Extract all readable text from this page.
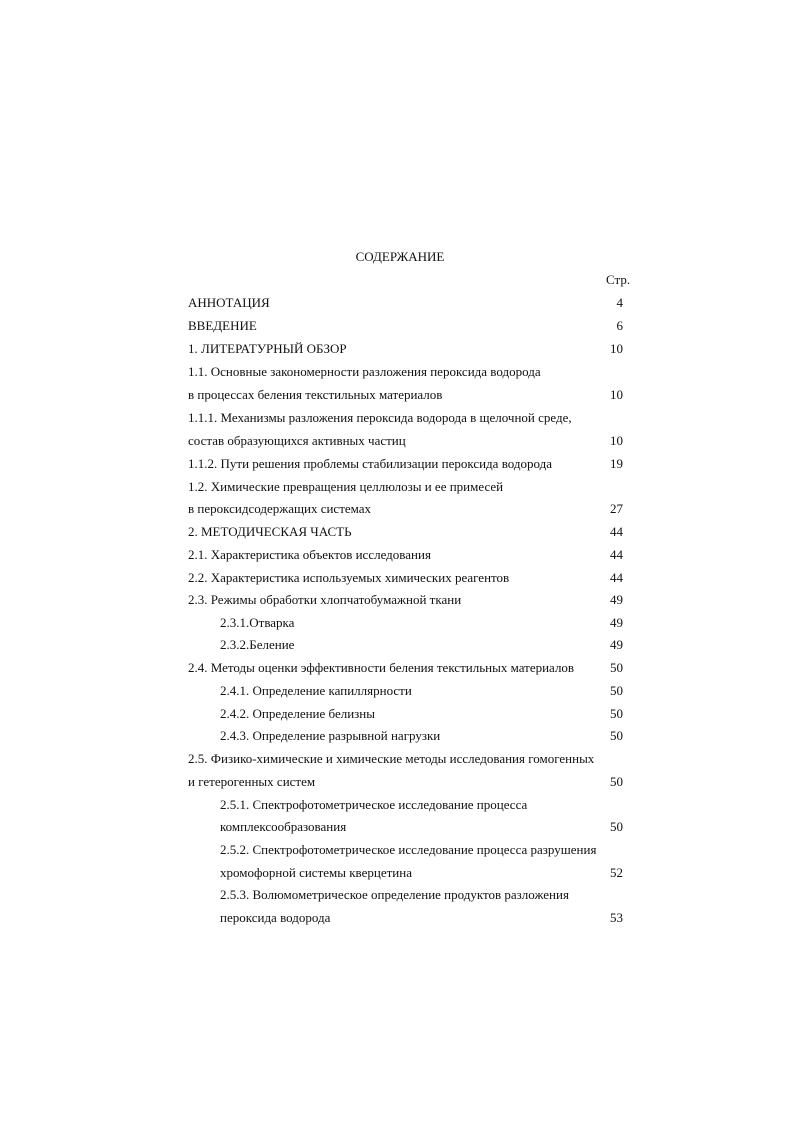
СОДЕРЖАНИЕ
Стр.
АННОТАЦИЯ	4
ВВЕДЕНИЕ	6
1. ЛИТЕРАТУРНЫЙ ОБЗОР	10
1.1. Основные закономерности разложения пероксида водорода
в процессах беления текстильных материалов	10
1.1.1. Механизмы разложения пероксида водорода в щелочной среде,
состав образующихся активных частиц	10
1.1.2. Пути решения проблемы стабилизации пероксида водорода	19
1.2. Химические превращения целлюлозы и ее примесей
в пероксидсодержащих системах	27
2. МЕТОДИЧЕСКАЯ ЧАСТЬ	44
2.1. Характеристика объектов исследования	44
2.2. Характеристика используемых химических реагентов	44
2.3. Режимы обработки хлопчатобумажной ткани	49
2.3.1.Отварка	49
2.3.2.Беление	49
2.4. Методы оценки эффективности беления текстильных материалов	50
2.4.1. Определение капиллярности	50
2.4.2. Определение белизны	50
2.4.3. Определение разрывной нагрузки	50
2.5. Физико-химические и химические методы исследования гомогенных
и гетерогенных систем	50
2.5.1. Спектрофотометрическое исследование процесса
комплексообразования	50
2.5.2. Спектрофотометрическое исследование процесса разрушения
хромофорной системы кверцетина	52
2.5.3. Волюмометрическое определение продуктов разложения
пероксида водорода	53
